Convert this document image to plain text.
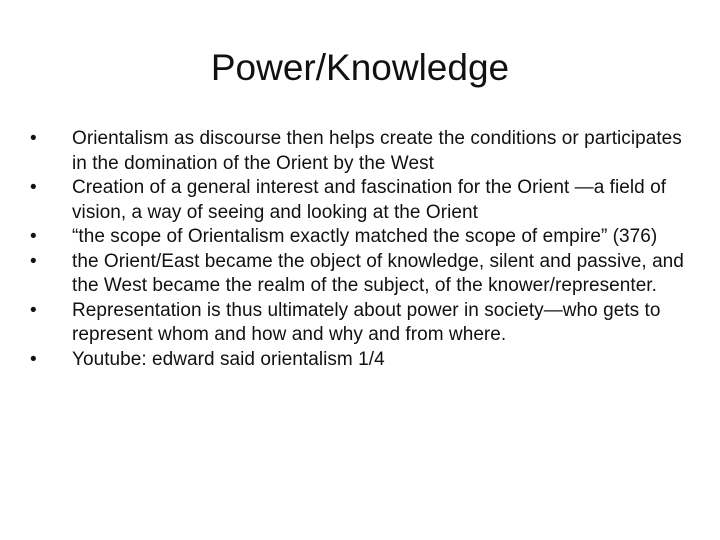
Power/Knowledge
•	Orientalism as discourse then helps create the conditions or participates in the domination of the Orient by the West
•	Creation of a general interest and fascination for the Orient —a field of vision, a way of seeing and looking at the Orient
•	“the scope of Orientalism exactly matched the scope of empire” (376)
•	the Orient/East became the object of knowledge, silent and passive, and the West became the realm of the subject, of the knower/representer.
•	Representation is thus ultimately about power in society—who gets to represent whom and how and why and from where.
•	Youtube: edward said orientalism 1/4
